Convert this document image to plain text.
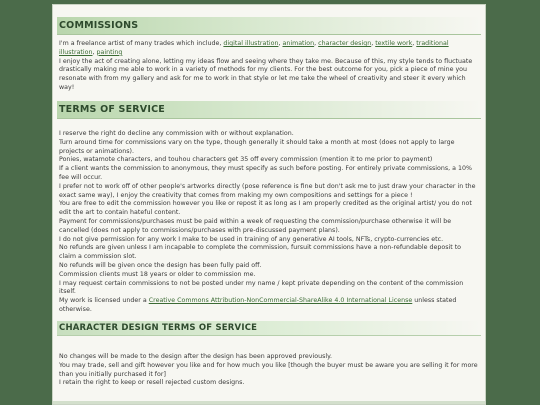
COMMISSIONS

I'm a freelance artist of many trades which include, digital illustration, animation, character design, textile work, traditional illustration, painting

I enjoy the act of creating alone, letting my ideas flow and seeing where they take me. Because of this, my style tends to fluctuate drastically making me able to work in a variety of methods for my clients. For the best outcome for you, pick a piece of mine you resonate with from my gallery and ask for me to work in that style or let me take the wheel of creativity and steer it every which way!

TERMS OF SERVICE

I reserve the right do decline any commission with or without explanation.

Turn around time for commissions vary on the type, though generally it should take a month at most (does not apply to large projects or animations).

Ponies, watamote characters, and touhou characters get 35 off every commission (mention it to me prior to payment)

If a client wants the commission to anonymous, they must specify as such before posting. For entirely private commissions, a 10% fee will occur.

I prefer not to work off of other people's artworks directly (pose reference is fine but don't ask me to just draw your character in the exact same way), I enjoy the creativity that comes from making my own compositions and settings for a piece !

You are free to edit the commission however you like or repost it as long as I am properly credited as the original artist/ you do not edit the art to contain hateful content.

Payment for commissions/purchases must be paid within a week of requesting the commission/purchase otherwise it will be cancelled (does not apply to commissions/purchases with pre-discussed payment plans).

I do not give permission for any work I make to be used in training of any generative AI tools, NFTs, crypto-currencies etc.

No refunds are given unless I am incapable to complete the commission, fursuit commissions have a non-refundable deposit to claim a commission slot.

No refunds will be given once the design has been fully paid off.

Commission clients must 18 years or older to commission me.

I may request certain commissions to not be posted under my name / kept private depending on the content of the commission itself.

My work is licensed under a Creative Commons Attribution-NonCommercial-ShareAlike 4.0 International License unless stated otherwise.

CHARACTER DESIGN TERMS OF SERVICE

No changes will be made to the design after the design has been approved previously.

You may trade, sell and gift however you like and for how much you like [though the buyer must be aware you are selling it for more than you initially purchased it for]

I retain the right to keep or resell rejected custom designs.
